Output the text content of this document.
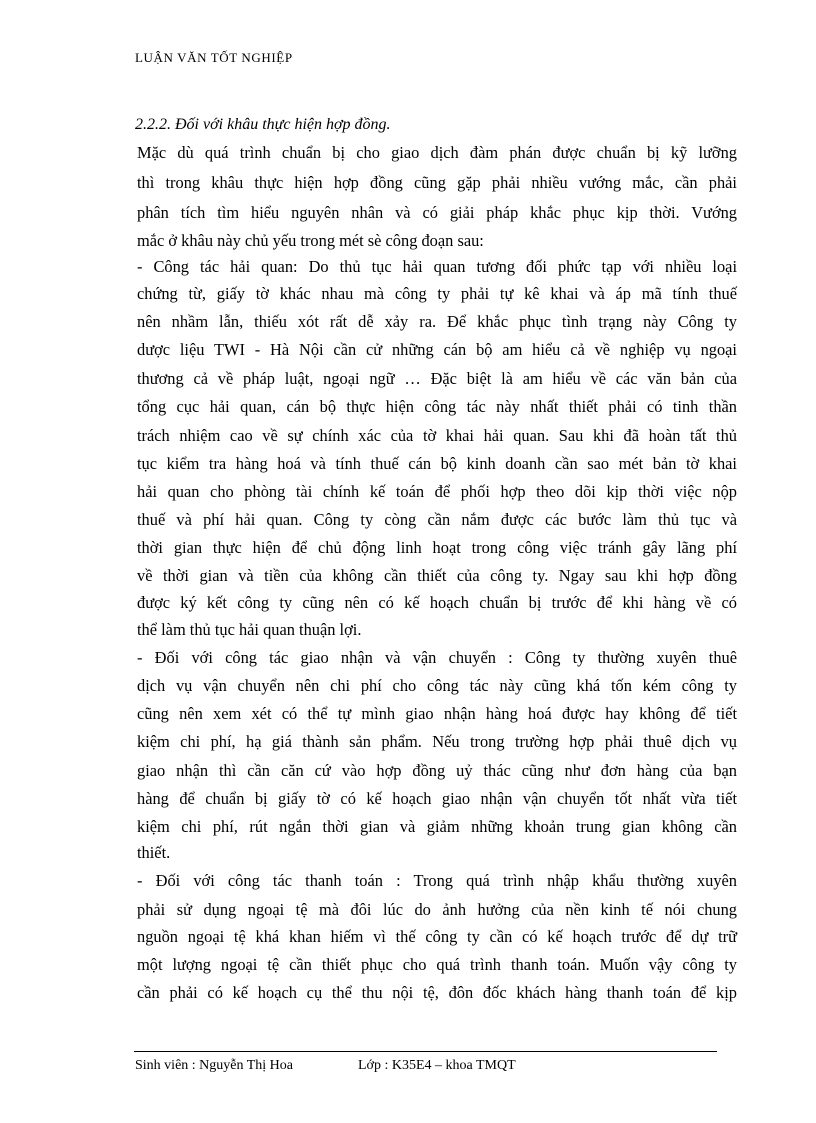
LUẬN VĂN TỐT NGHIỆP
2.2.2. Đối với khâu thực hiện hợp đồng.
Mặc dù quá trình chuẩn bị cho giao dịch đàm phán được chuẩn bị kỹ lưỡng
thì trong khâu thực hiện hợp đồng cũng gặp phải nhiều vướng mắc, cần phải
phân tích tìm hiểu nguyên nhân và có giải pháp khắc phục kịp thời. Vướng
mắc ở khâu này chủ yếu trong mét sè công đoạn sau:
- Công tác hải quan: Do thủ tục hải quan tương đối phức tạp với nhiều loại
chứng từ, giấy tờ khác nhau mà công ty phải tự kê khai và áp mã tính thuế
nên nhầm lẫn, thiếu xót rất dễ xảy ra. Để khắc phục tình trạng này Công ty
dược liệu TWI - Hà Nội cần cử những cán bộ am hiểu cả về nghiệp vụ ngoại
thương cả về pháp luật, ngoại ngữ … Đặc biệt là am hiểu về các văn bản của
tổng cục hải quan, cán bộ thực hiện công tác này nhất thiết phải có tinh thần
trách nhiệm cao về sự chính xác của tờ khai hải quan. Sau khi đã hoàn tất thủ
tục kiểm tra hàng hoá và tính thuế cán bộ kinh doanh cần sao mét bản tờ khai
hải quan cho phòng tài chính kế toán để phối hợp theo dõi kịp thời việc nộp
thuế và phí hải quan. Công ty còng cần nắm được các bước làm thủ tục và
thời gian thực hiện để chủ động linh hoạt trong công việc tránh gây lãng phí
về thời gian và tiền của không cần thiết của công ty. Ngay sau khi hợp đồng
được ký kết công ty cũng nên có kế hoạch chuẩn bị trước để khi hàng về có
thể làm thủ tục hải quan thuận lợi.
- Đối với công tác giao nhận và vận chuyển : Công ty thường xuyên thuê
dịch vụ vận chuyển nên chi phí cho công tác này cũng khá tốn kém công ty
cũng nên xem xét có thể tự mình giao nhận hàng hoá được hay không để tiết
kiệm chi phí, hạ giá thành sản phẩm. Nếu trong trường hợp phải thuê dịch vụ
giao nhận thì cần căn cứ vào hợp đồng uỷ thác cũng như đơn hàng của bạn
hàng để chuẩn bị giấy tờ có kế hoạch giao nhận vận chuyển tốt nhất vừa tiết
kiệm chi phí, rút ngắn thời gian và giảm những khoản trung gian không cần
thiết.
- Đối với công tác thanh toán : Trong quá trình nhập khẩu thường xuyên
phải sử dụng ngoại tệ mà đôi lúc do ảnh hưởng của nền kinh tế nói chung
nguồn ngoại tệ khá khan hiếm vì thế công ty cần có kế hoạch trước để dự trữ
một lượng ngoại tệ cần thiết phục cho quá trình thanh toán. Muốn vậy công ty
cần phải có kế hoạch cụ thể thu nội tệ, đôn đốc khách hàng thanh toán để kịp
Sinh viên : Nguyễn Thị Hoa	Lớp : K35E4 – khoa TMQT
